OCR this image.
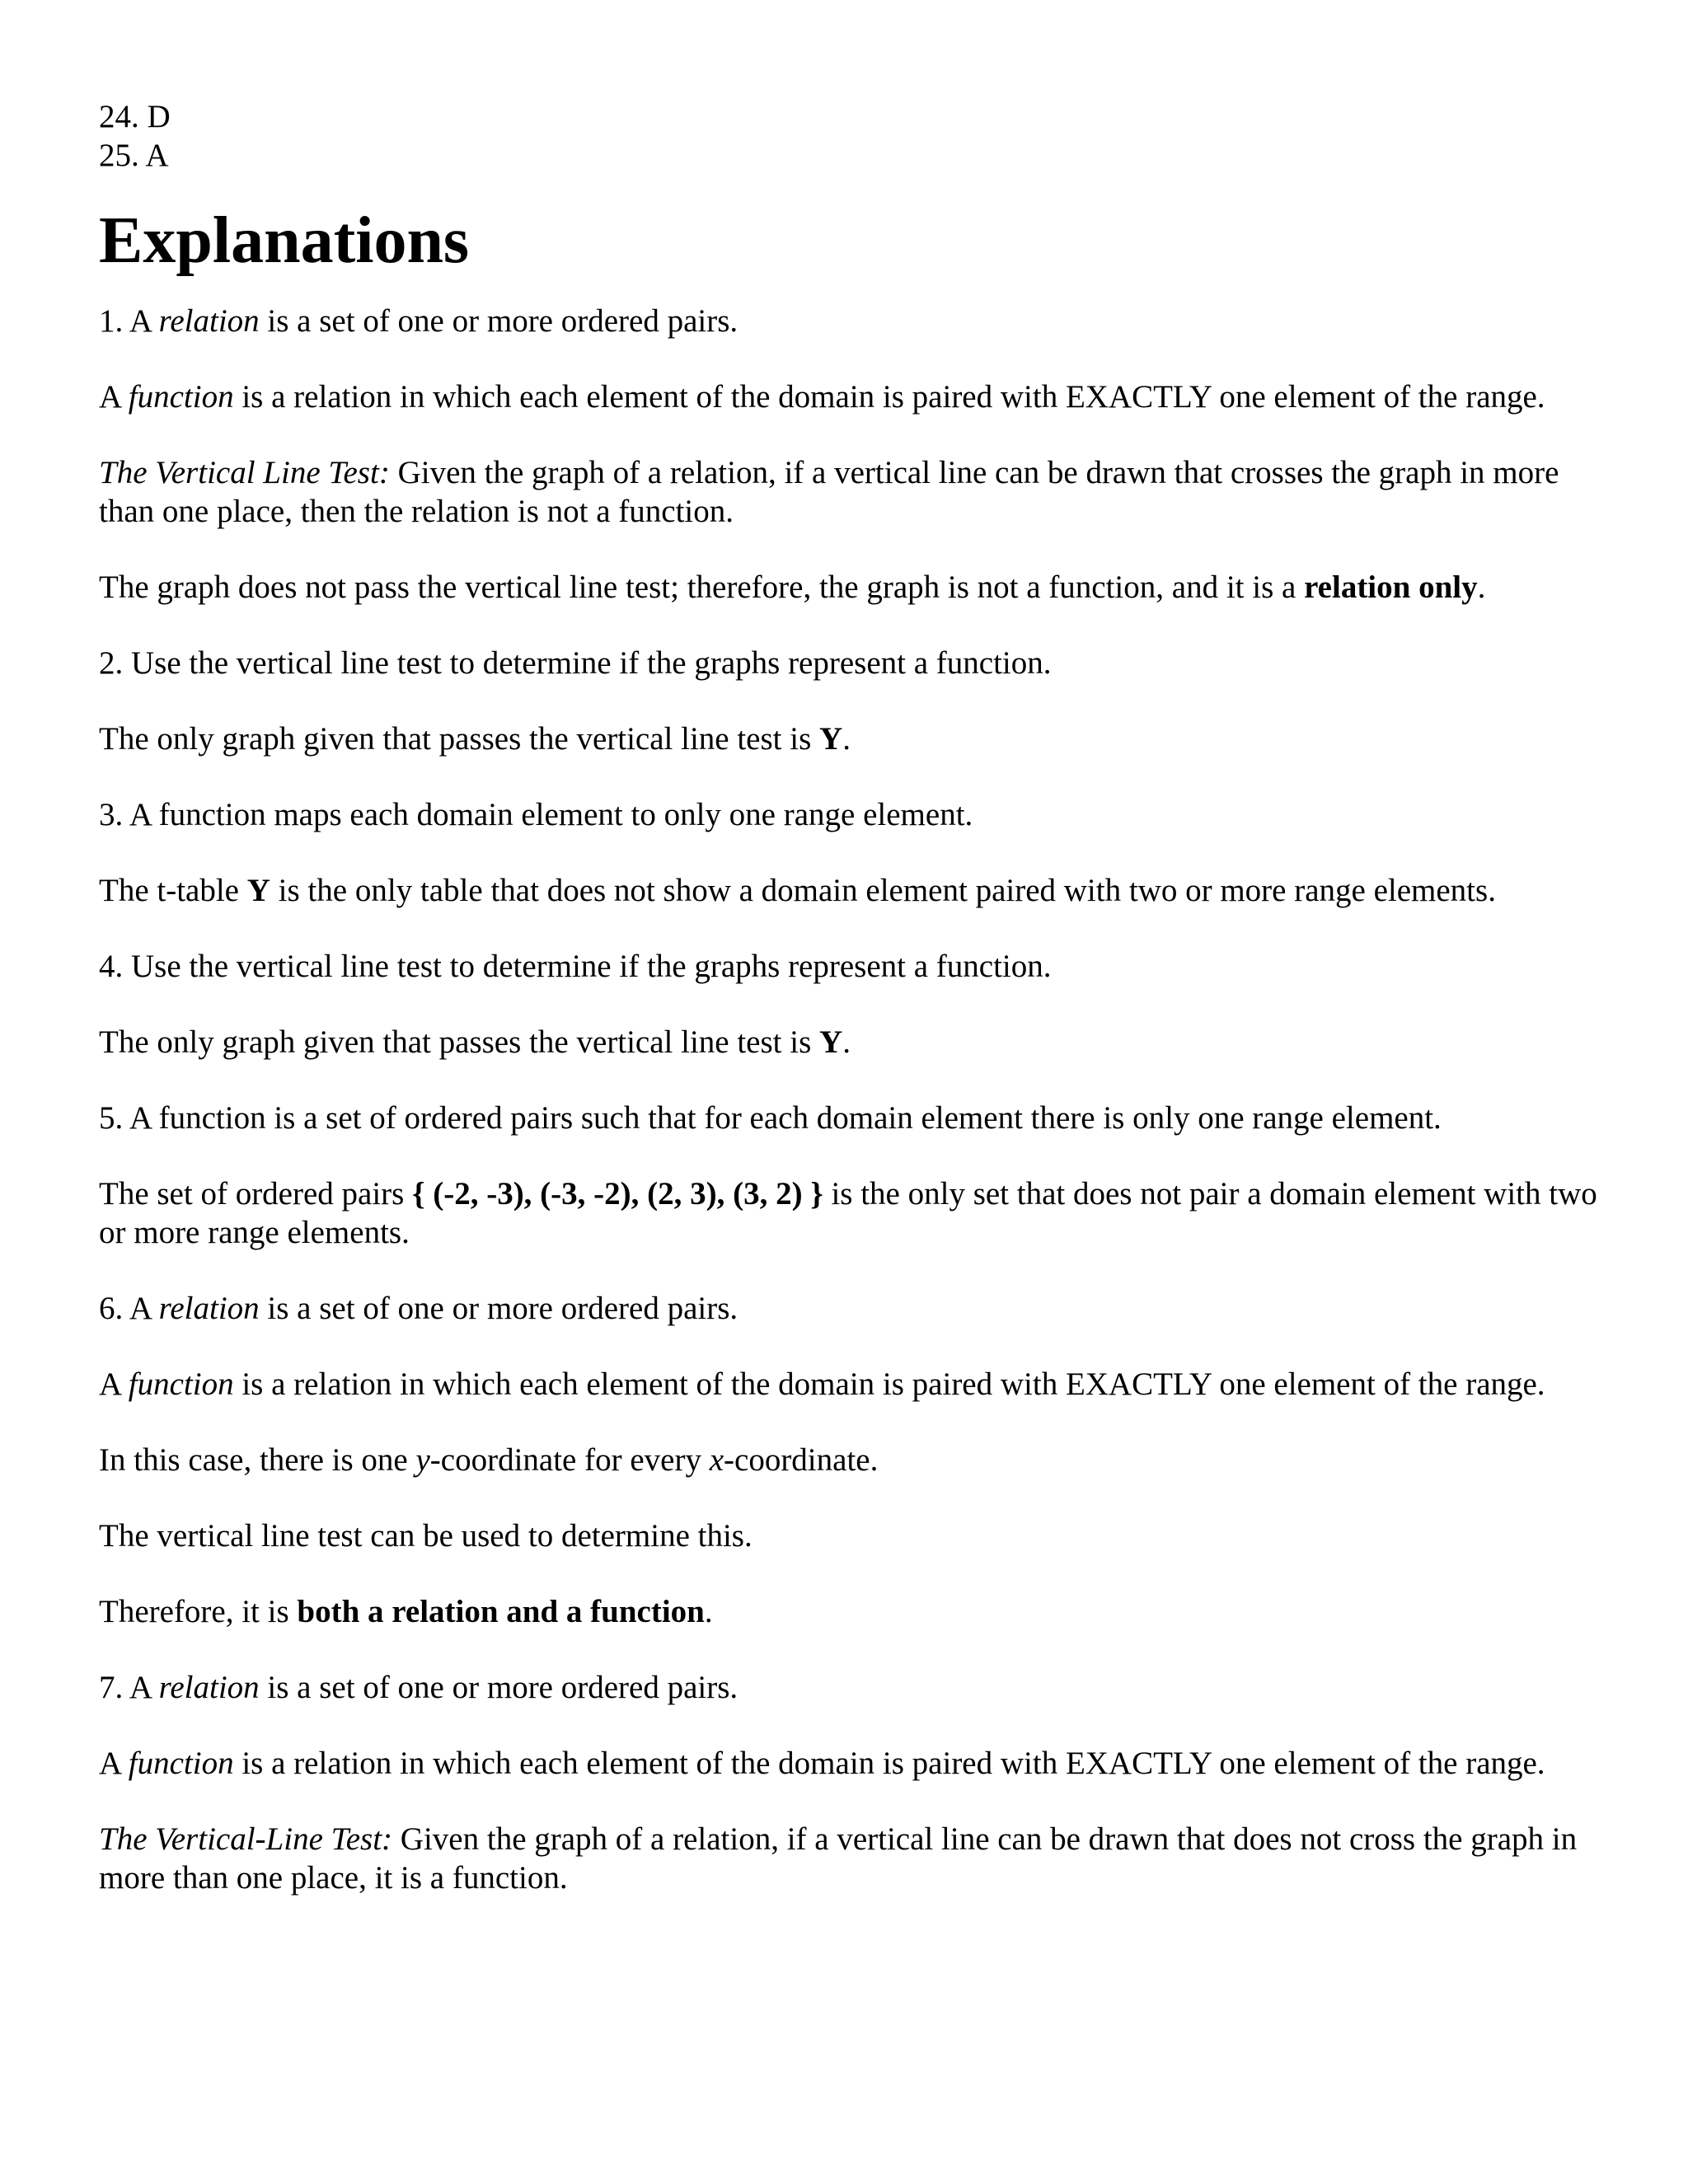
24. D
25. A
Explanations

1. A relation is a set of one or more ordered pairs.

A function is a relation in which each element of the domain is paired with EXACTLY one element of the range.

The Vertical Line Test: Given the graph of a relation, if a vertical line can be drawn that crosses the graph in more than one place, then the relation is not a function.

The graph does not pass the vertical line test; therefore, the graph is not a function, and it is a relation only.

2. Use the vertical line test to determine if the graphs represent a function.

The only graph given that passes the vertical line test is Y.

3. A function maps each domain element to only one range element.

The t-table Y is the only table that does not show a domain element paired with two or more range elements.

4. Use the vertical line test to determine if the graphs represent a function.

The only graph given that passes the vertical line test is Y.

5. A function is a set of ordered pairs such that for each domain element there is only one range element.

The set of ordered pairs { (-2, -3), (-3, -2), (2, 3), (3, 2) } is the only set that does not pair a domain element with two or more range elements.

6. A relation is a set of one or more ordered pairs.

A function is a relation in which each element of the domain is paired with EXACTLY one element of the range.

In this case, there is one y-coordinate for every x-coordinate.

The vertical line test can be used to determine this.

Therefore, it is both a relation and a function.

7. A relation is a set of one or more ordered pairs.

A function is a relation in which each element of the domain is paired with EXACTLY one element of the range.

The Vertical-Line Test: Given the graph of a relation, if a vertical line can be drawn that does not cross the graph in more than one place, it is a function.
